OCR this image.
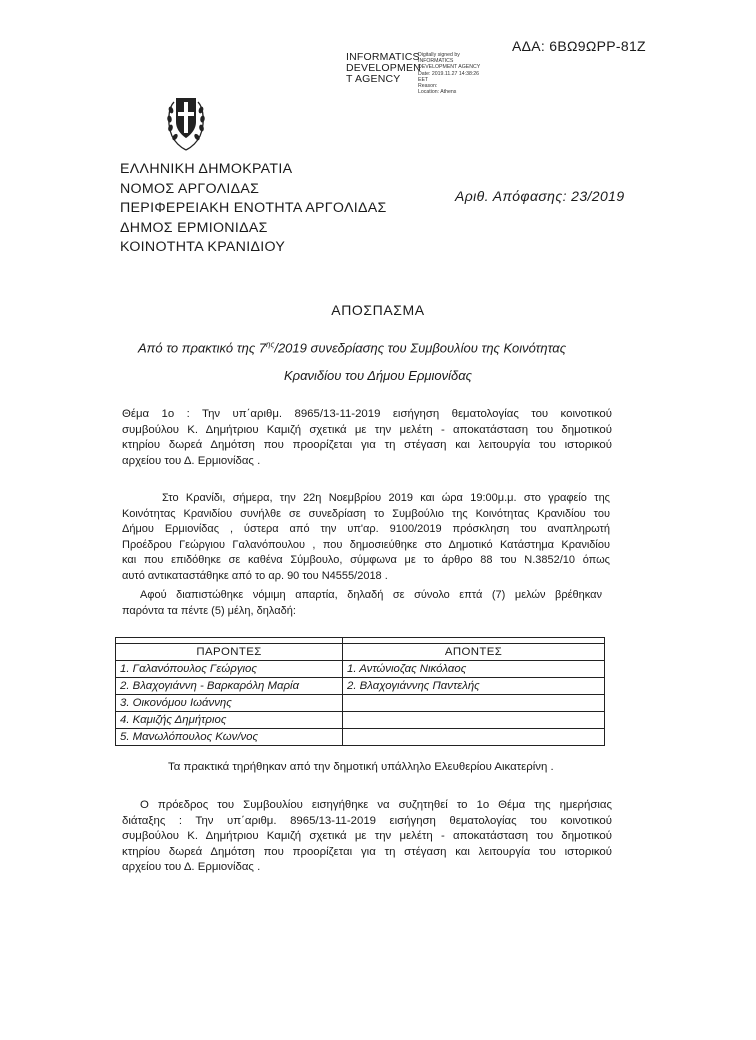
INFORMATICS
DEVELOPMEN
T AGENCY
Digitally signed by
INFORMATICS
DEVELOPMENT AGENCY
Date: 2019.11.27 14:38:26
EET
Reason:
Location: Athens
ΑΔΑ: 6ΒΩ9ΩΡΡ-81Ζ
ΕΛΛΗΝΙΚΗ ΔΗΜΟΚΡΑΤΙΑ
ΝΟΜΟΣ ΑΡΓΟΛΙΔΑΣ
ΠΕΡΙΦΕΡΕΙΑΚΗ ΕΝΟΤΗΤΑ ΑΡΓΟΛΙΔΑΣ
ΔΗΜΟΣ ΕΡΜΙΟΝΙΔΑΣ
ΚΟΙΝΟΤΗΤΑ ΚΡΑΝΙΔΙΟΥ
Αριθ. Απόφασης: 23/2019
ΑΠΟΣΠΑΣΜΑ
Από το πρακτικό της $7^{\eta\varsigma}/2019$ συνεδρίασης του Συμβουλίου της Κοινότητας
Κρανιδίου του Δήμου Ερμιονίδας
Θέμα 1ο : Την υπ΄αριθμ. 8965/13-11-2019 εισήγηση θεματολογίας του κοινοτικού
συμβούλου Κ. Δημήτριου Καμιζή σχετικά με την μελέτη - αποκατάσταση του δημοτικού
κτηρίου δωρεά Δημότση που προορίζεται για τη στέγαση και λειτουργία του ιστορικού
αρχείου του Δ. Ερμιονίδας .
Στο Κρανίδι, σήμερα, την 22η Νοεμβρίου 2019 και ώρα 19:00μ.μ. στο γραφείο της
Κοινότητας Κρανιδίου συνήλθε σε συνεδρίαση το Συμβούλιο της Κοινότητας Κρανιδίου του
Δήμου Ερμιονίδας , ύστερα από την υπ'αρ. 9100/2019 πρόσκληση του αναπληρωτή
Προέδρου Γεώργιου Γαλανόπουλου , που δημοσιεύθηκε στο Δημοτικό Κατάστημα Κρανιδίου
και που επιδόθηκε σε καθένα Σύμβουλο, σύμφωνα με το άρθρο 88 του Ν.3852/10 όπως
αυτό αντικαταστάθηκε από το αρ. 90 του Ν4555/2018 .
Αφού διαπιστώθηκε νόμιμη απαρτία, δηλαδή σε σύνολο επτά (7) μελών βρέθηκαν
παρόντα τα πέντε (5) μέλη, δηλαδή:

ΠΑΡΟΝΤΕΣ	ΑΠΟΝΤΕΣ
1. Γαλανόπουλος Γεώργιος	1. Αντώνιοζας Νικόλαος
2. Βλαχογιάννη - Βαρκαρόλη Μαρία	2. Βλαχογιάννης Παντελής
3. Οικονόμου Ιωάννης	
4. Καμιζής Δημήτριος	
5. Μανωλόπουλος Κων/νος	
Τα πρακτικά τηρήθηκαν από την δημοτική υπάλληλο Ελευθερίου Αικατερίνη .
Ο πρόεδρος του Συμβουλίου εισηγήθηκε να συζητηθεί το 1ο Θέμα της ημερήσιας
διάταξης : Την υπ΄αριθμ. 8965/13-11-2019 εισήγηση θεματολογίας του κοινοτικού
συμβούλου Κ. Δημήτριου Καμιζή σχετικά με την μελέτη - αποκατάσταση του δημοτικού
κτηρίου δωρεά Δημότση που προορίζεται για τη στέγαση και λειτουργία του ιστορικού
αρχείου του Δ. Ερμιονίδας .
